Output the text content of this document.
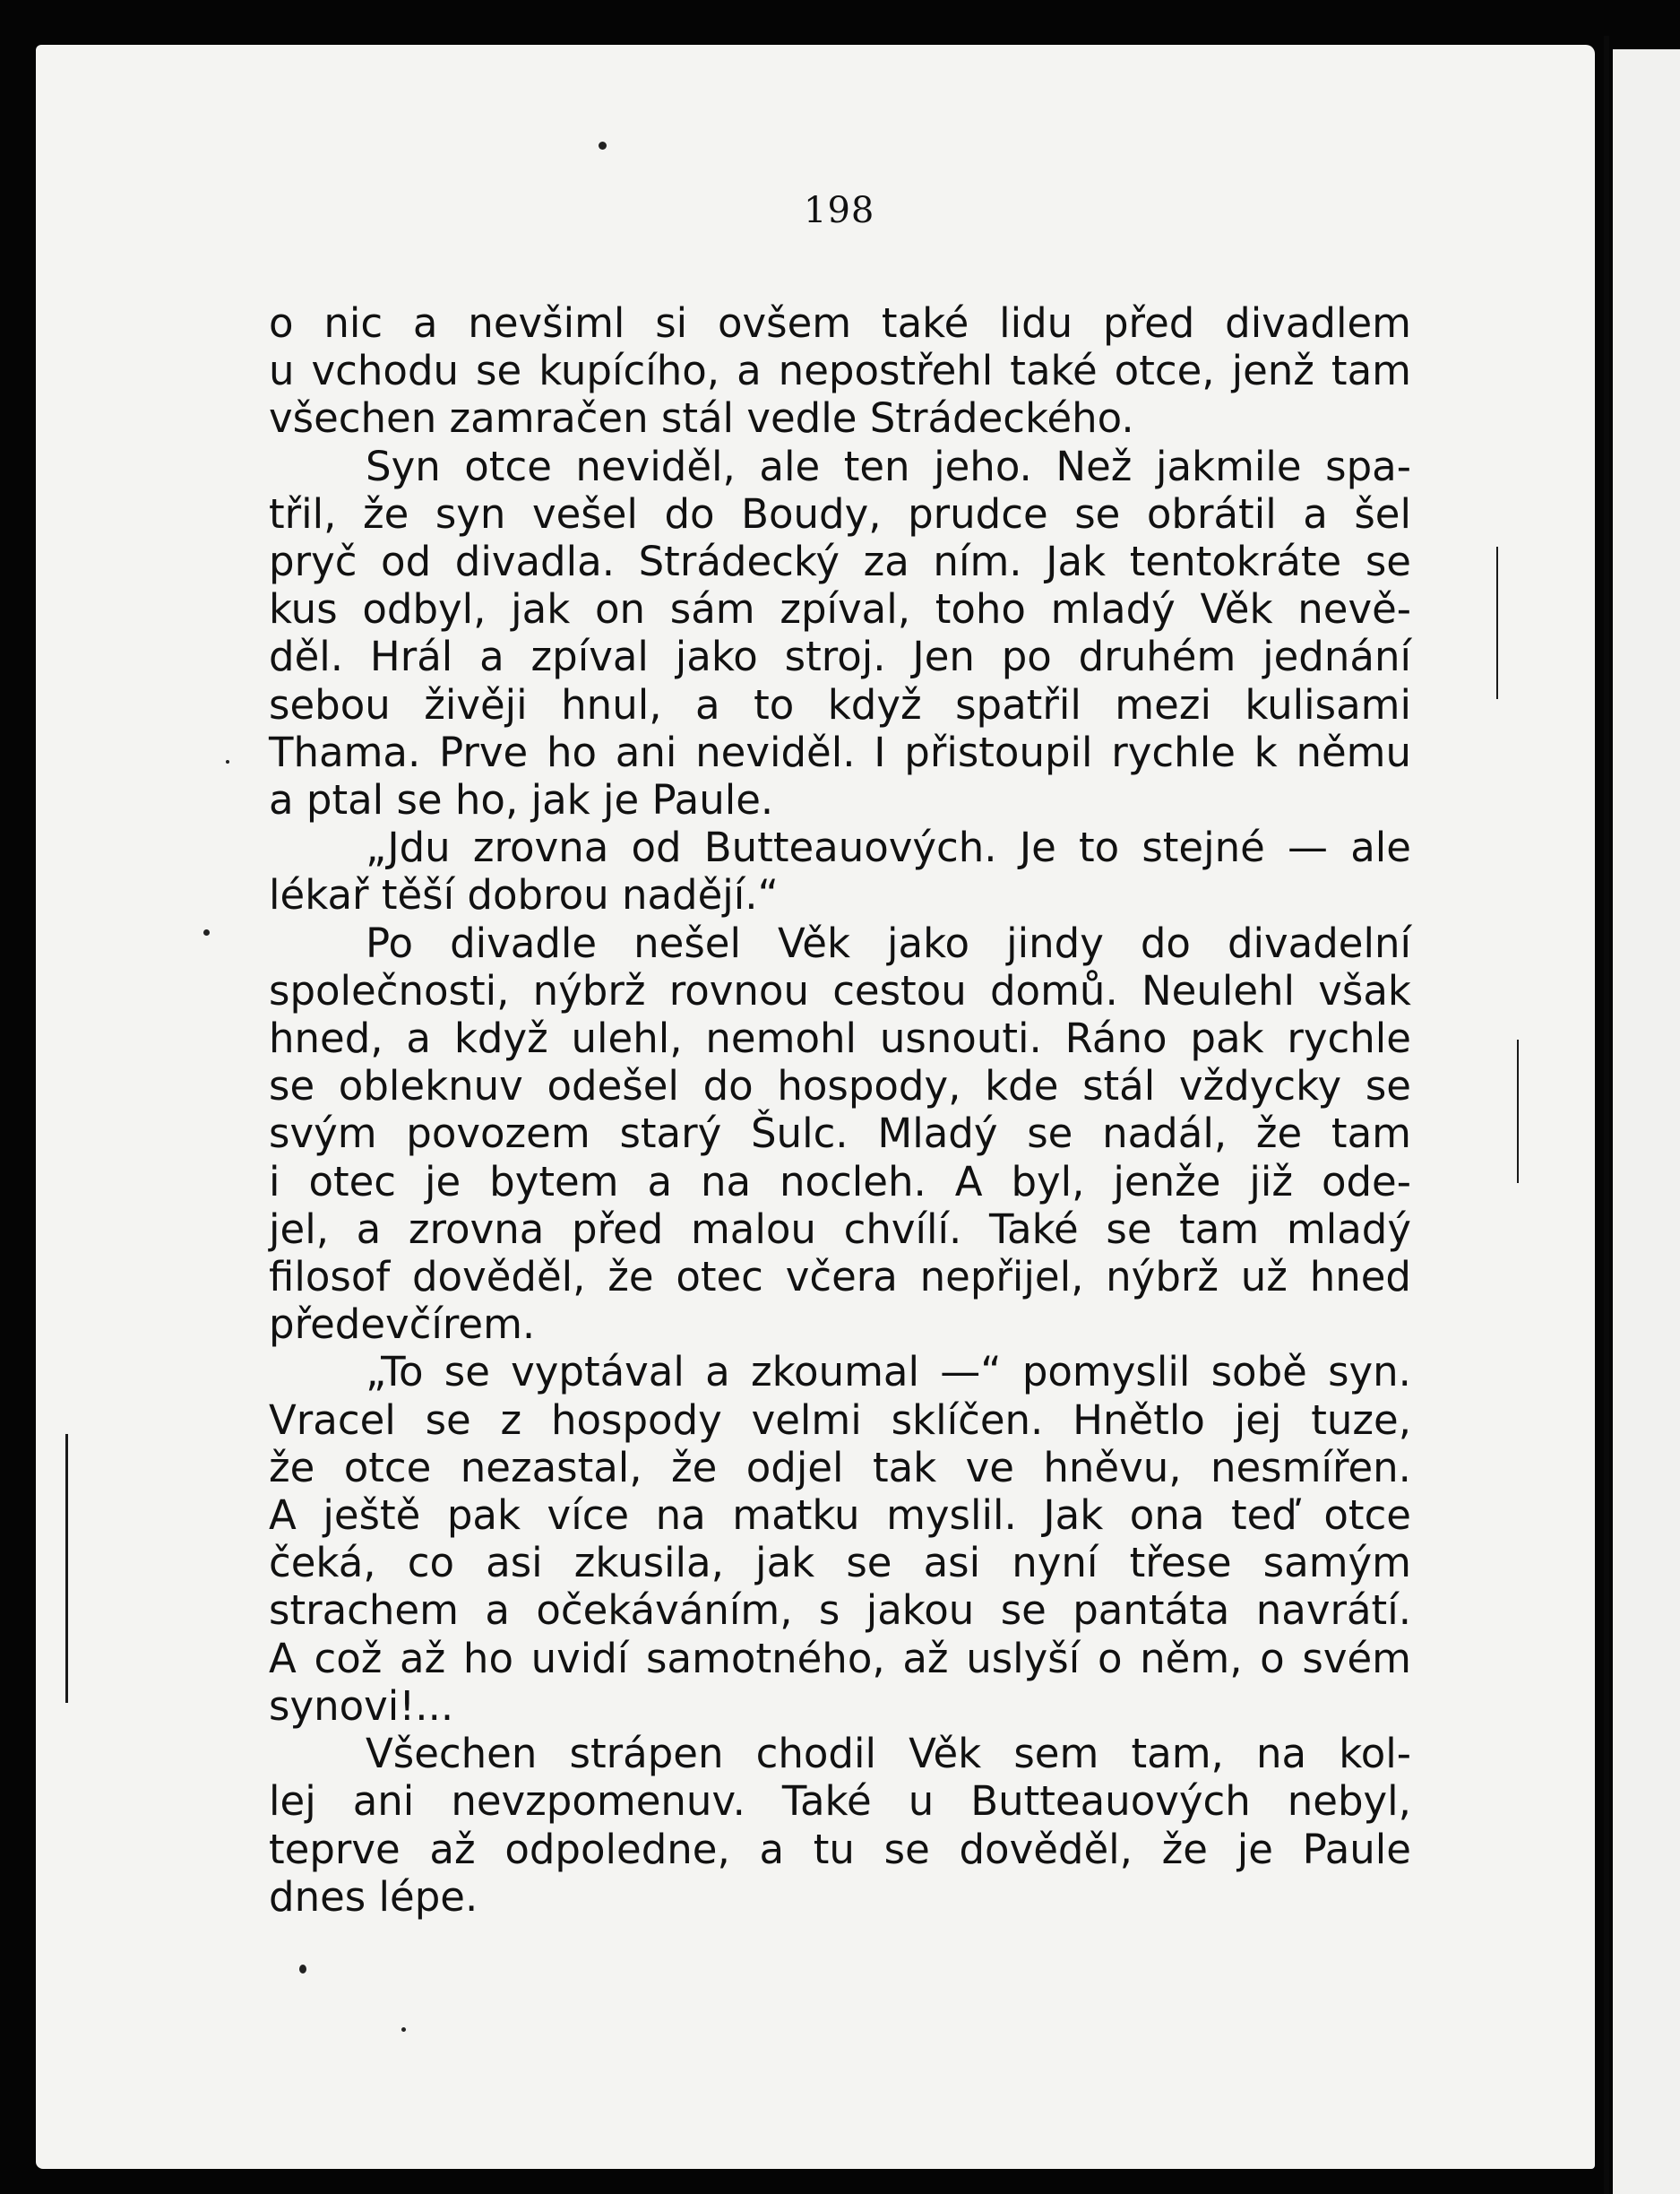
198

o nic a nevšiml si ovšem také lidu před divadlem
u vchodu se kupícího, a nepostřehl také otce, jenž tam
všechen zamračen stál vedle Strádeckého.

Syn otce neviděl, ale ten jeho. Než jakmile spa-
třil, že syn vešel do Boudy, prudce se obrátil a šel
pryč od divadla. Strádecký za ním. Jak tentokráte se
kus odbyl, jak on sám zpíval, toho mladý Věk nevě-
děl. Hrál a zpíval jako stroj. Jen po druhém jednání
sebou živěji hnul, a to když spatřil mezi kulisami
Thama. Prve ho ani neviděl. I přistoupil rychle k němu
a ptal se ho, jak je Paule.

„Jdu zrovna od Butteauových. Je to stejné — ale
lékař těší dobrou nadějí.“

Po divadle nešel Věk jako jindy do divadelní
společnosti, nýbrž rovnou cestou domů. Neulehl však
hned, a když ulehl, nemohl usnouti. Ráno pak rychle
se obleknuv odešel do hospody, kde stál vždycky se
svým povozem starý Šulc. Mladý se nadál, že tam
i otec je bytem a na nocleh. A byl, jenže již ode-
jel, a zrovna před malou chvílí. Také se tam mladý
filosof dověděl, že otec včera nepřijel, nýbrž už hned
předevčírem.

„To se vyptával a zkoumal —“ pomyslil sobě syn.
Vracel se z hospody velmi sklíčen. Hnětlo jej tuze,
že otce nezastal, že odjel tak ve hněvu, nesmířen.
A ještě pak více na matku myslil. Jak ona teď otce
čeká, co asi zkusila, jak se asi nyní třese samým
strachem a očekáváním, s jakou se pantáta navrátí.
A což až ho uvidí samotného, až uslyší o něm, o svém
synovi!...

Všechen strápen chodil Věk sem tam, na kol-
lej ani nevzpomenuv. Také u Butteauových nebyl,
teprve až odpoledne, a tu se dověděl, že je Paule
dnes lépe.
